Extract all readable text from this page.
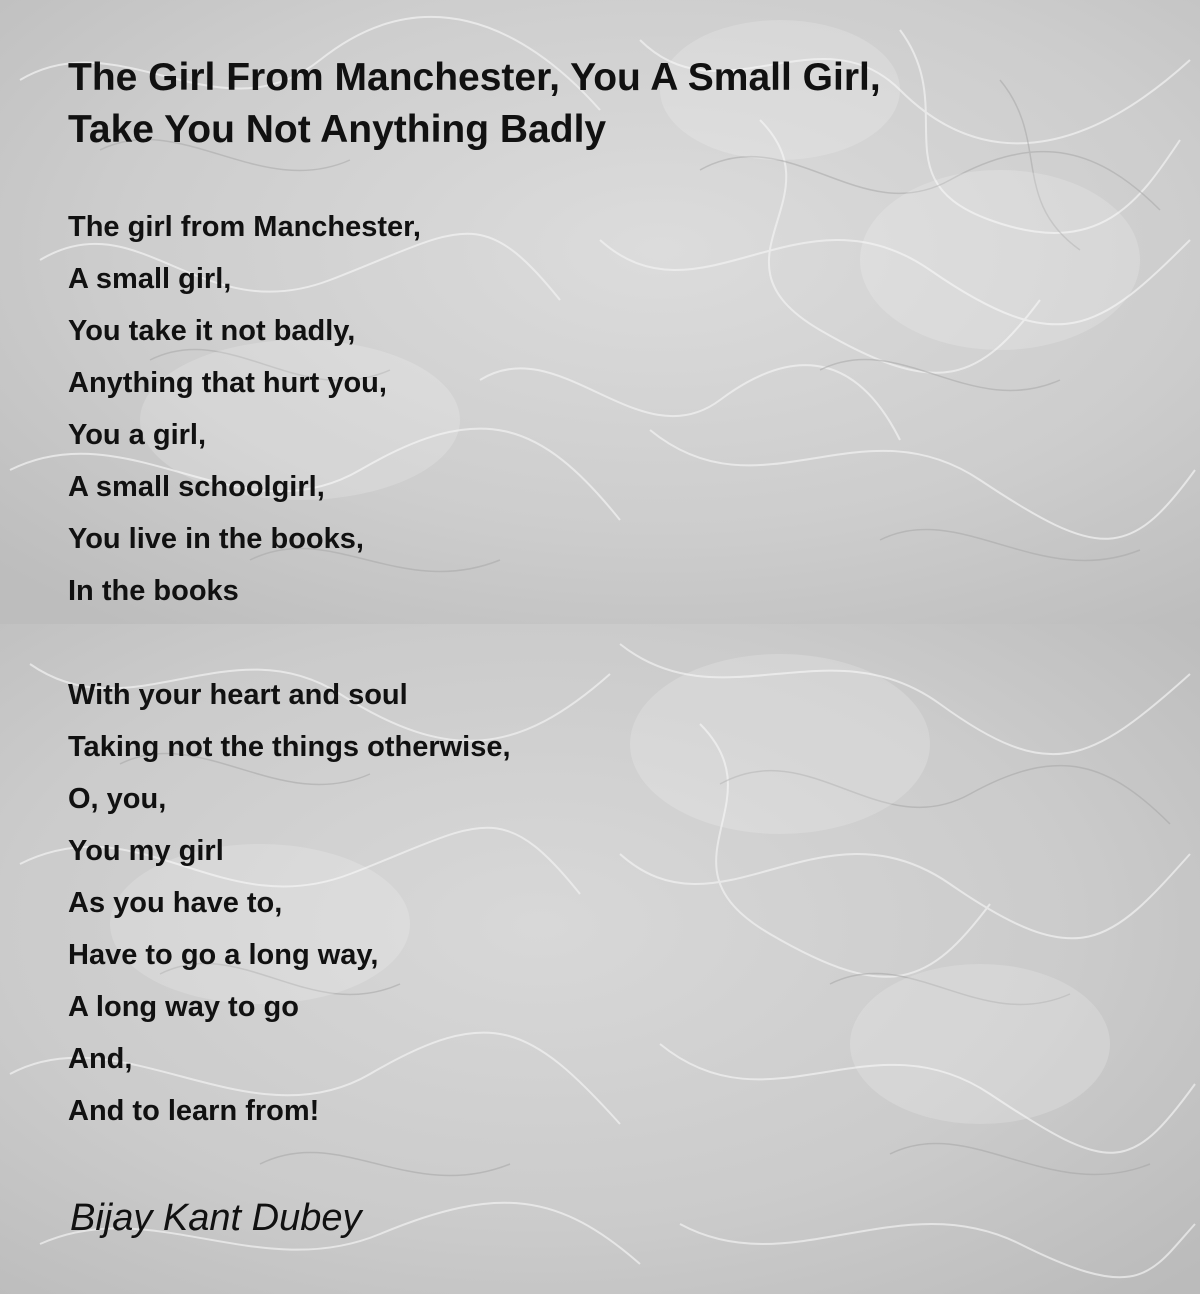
The Girl From Manchester, You A Small Girl,
Take You Not Anything Badly
The girl from Manchester,
A small girl,
You take it not badly,
Anything that hurt you,
You a girl,
A small schoolgirl,
You live in the books,
In the books
With your heart and soul
Taking not the things otherwise,
O, you,
You my girl
As you have to,
Have to go a long way,
A long way to go
And,
And to learn from!

Bijay Kant Dubey
